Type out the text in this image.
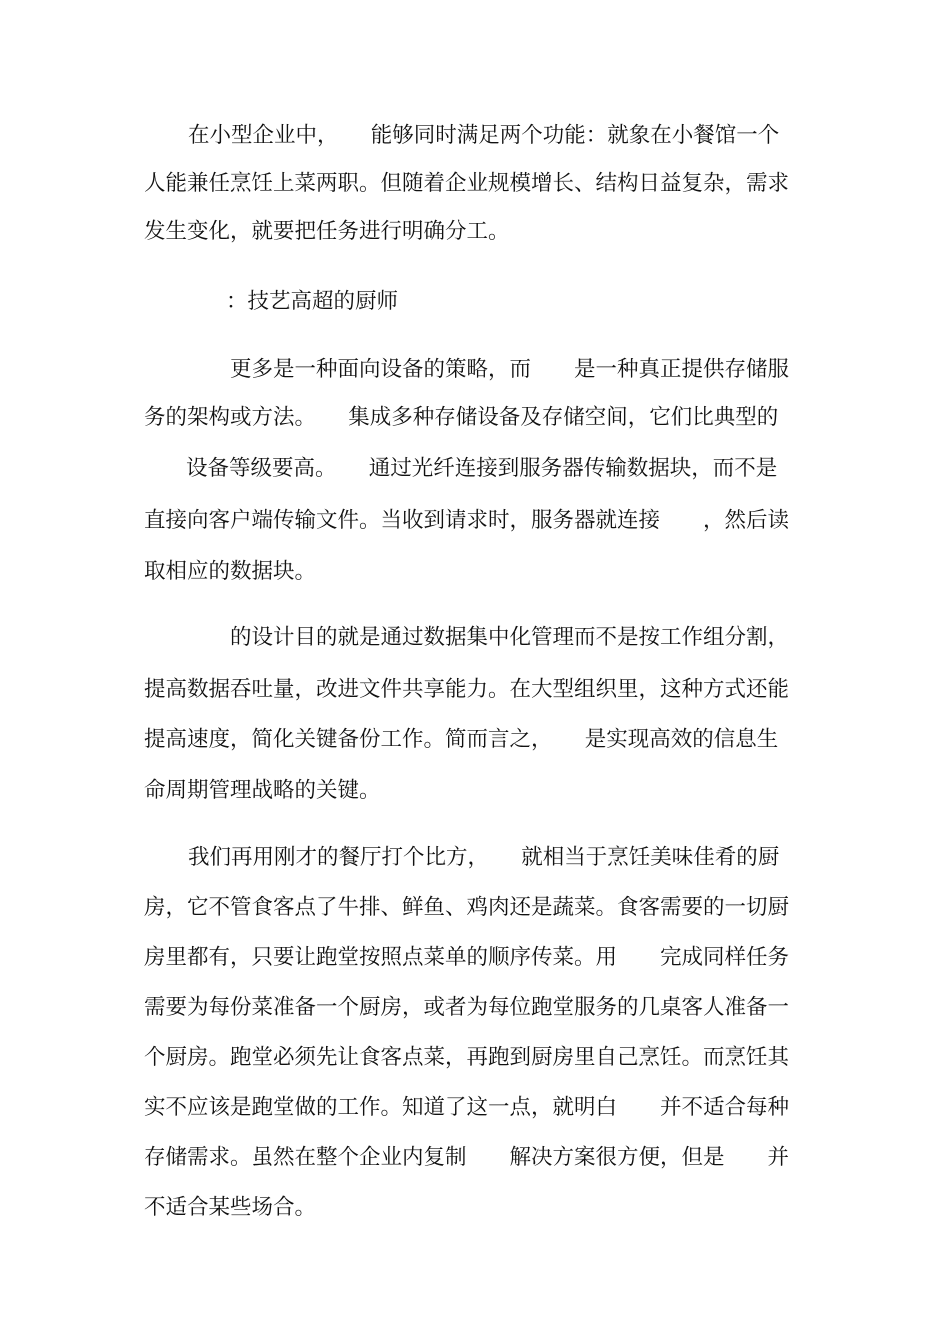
在小型企业中，　　能够同时满足两个功能：就象在小餐馆一个
人能兼任烹饪上菜两职。但随着企业规模增长、结构日益复杂，需求
发生变化，就要把任务进行明确分工。
：技艺高超的厨师
更多是一种面向设备的策略，而　　是一种真正提供存储服
务的架构或方法。　　集成多种存储设备及存储空间，它们比典型的
设备等级要高。　　通过光纤连接到服务器传输数据块，而不是
直接向客户端传输文件。当收到请求时，服务器就连接　　，然后读
取相应的数据块。
的设计目的就是通过数据集中化管理而不是按工作组分割，
提高数据吞吐量，改进文件共享能力。在大型组织里，这种方式还能
提高速度，简化关键备份工作。简而言之，　　是实现高效的信息生
命周期管理战略的关键。
我们再用刚才的餐厅打个比方，　　就相当于烹饪美味佳肴的厨
房，它不管食客点了牛排、鲜鱼、鸡肉还是蔬菜。食客需要的一切厨
房里都有，只要让跑堂按照点菜单的顺序传菜。用　　完成同样任务
需要为每份菜准备一个厨房，或者为每位跑堂服务的几桌客人准备一
个厨房。跑堂必须先让食客点菜，再跑到厨房里自己烹饪。而烹饪其
实不应该是跑堂做的工作。知道了这一点，就明白　　并不适合每种
存储需求。虽然在整个企业内复制　　解决方案很方便，但是　　并
不适合某些场合。
